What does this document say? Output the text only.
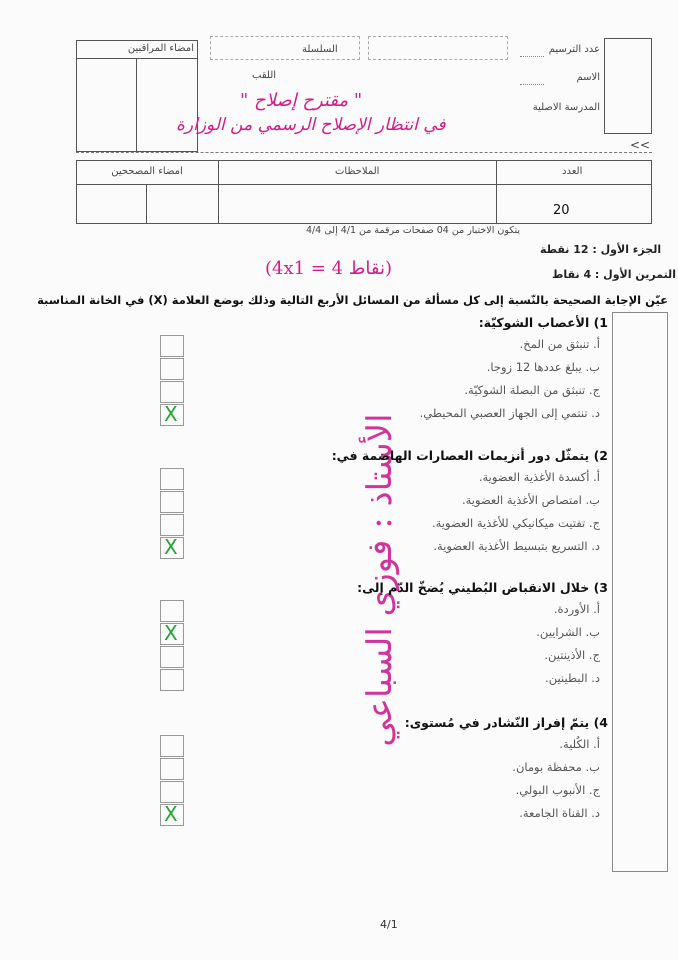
امضاء المراقبين	السلسلة	عدد الترسيم
الاسم
اللقب
المدرسة الاصلية
<<
" مقترح إصلاح "
في انتظار الإصلاح الرسمي من الوزارة
امضاء المصححين	الملاحظات	العدد
20
يتكون الاختبار من 04 صفحات مرقمة من 4/1 إلى 4/4
الجزء الأول : 12 نقطة
التمرين الأول : 4 نقاط
(4x1 = 4 نقاط)
عيّن الإجابة الصحيحة بالنّسبة إلى كل مسألة من المسائل الأربع التالية وذلك بوضع العلامة (X) في الخانة المناسبة
الأستاذ : فوزي السباعي
1) الأعصاب الشوكيّة:
أ. تنبثق من المخ.
ب. يبلغ عددها 12 زوجا.
ج. تنبثق من البصلة الشوكيّة.
د. تنتمي إلى الجهاز العصبي المحيطي.
X
2) يتمثّل دور أنزيمات العصارات الهاضمة في:
أ. أكسدة الأغذية العضوية.
ب. امتصاص الأغذية العضوية.
ج. تفتيت ميكانيكي للأغذية العضوية.
د. التسريع بتبسيط الأغذية العضوية.
X
3) خلال الانقباض البُطيني يُضخّ الدّم إلى:
أ. الأوردة.
ب. الشرايين.
X
ج. الأذينتين.
د. البطينين.
4) يتمّ إفراز النّشادر في مُستوى:
أ. الكُلية.
ب. محفظة بومان.
ج. الأنبوب البولي.
د. القناة الجامعة.
X
4/1
